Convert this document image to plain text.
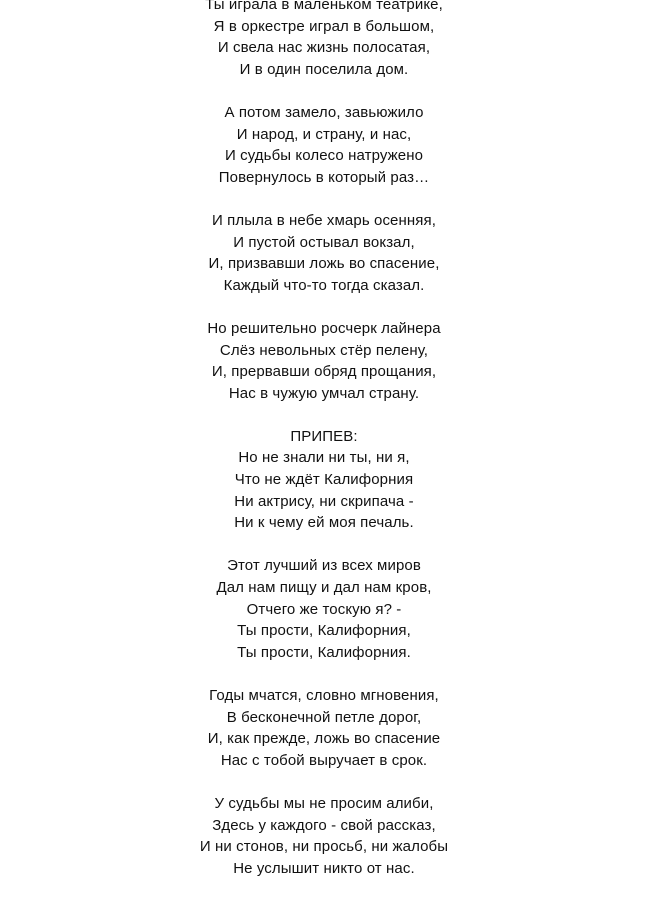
Ты играла в маленьком театрике,
Я в оркестре играл в большом,
И свела нас жизнь полосатая,
И в один поселила дом.
А потом замело, завьюжило
И народ, и страну, и нас,
И судьбы колесо натружено
Повернулось в который раз…
И плыла в небе хмарь осенняя,
И пустой остывал вокзал,
И, призвавши ложь во спасение,
Каждый что-то тогда сказал.
Но решительно росчерк лайнера
Слёз невольных стёр пелену,
И, прервавши обряд прощания,
Нас в чужую умчал страну.
ПРИПЕВ:
Но не знали ни ты, ни я,
Что не ждёт Калифорния
Ни актрису, ни скрипача -
Ни к чему ей моя печаль.
Этот лучший из всех миров
Дал нам пищу и дал нам кров,
Отчего же тоскую я? -
Ты прости, Калифорния,
Ты прости, Калифорния.
Годы мчатся, словно мгновения,
В бесконечной петле дорог,
И, как прежде, ложь во спасение
Нас с тобой выручает в срок.
У судьбы мы не просим алиби,
Здесь у каждого - свой рассказ,
И ни стонов, ни просьб, ни жалобы
Не услышит никто от нас.
